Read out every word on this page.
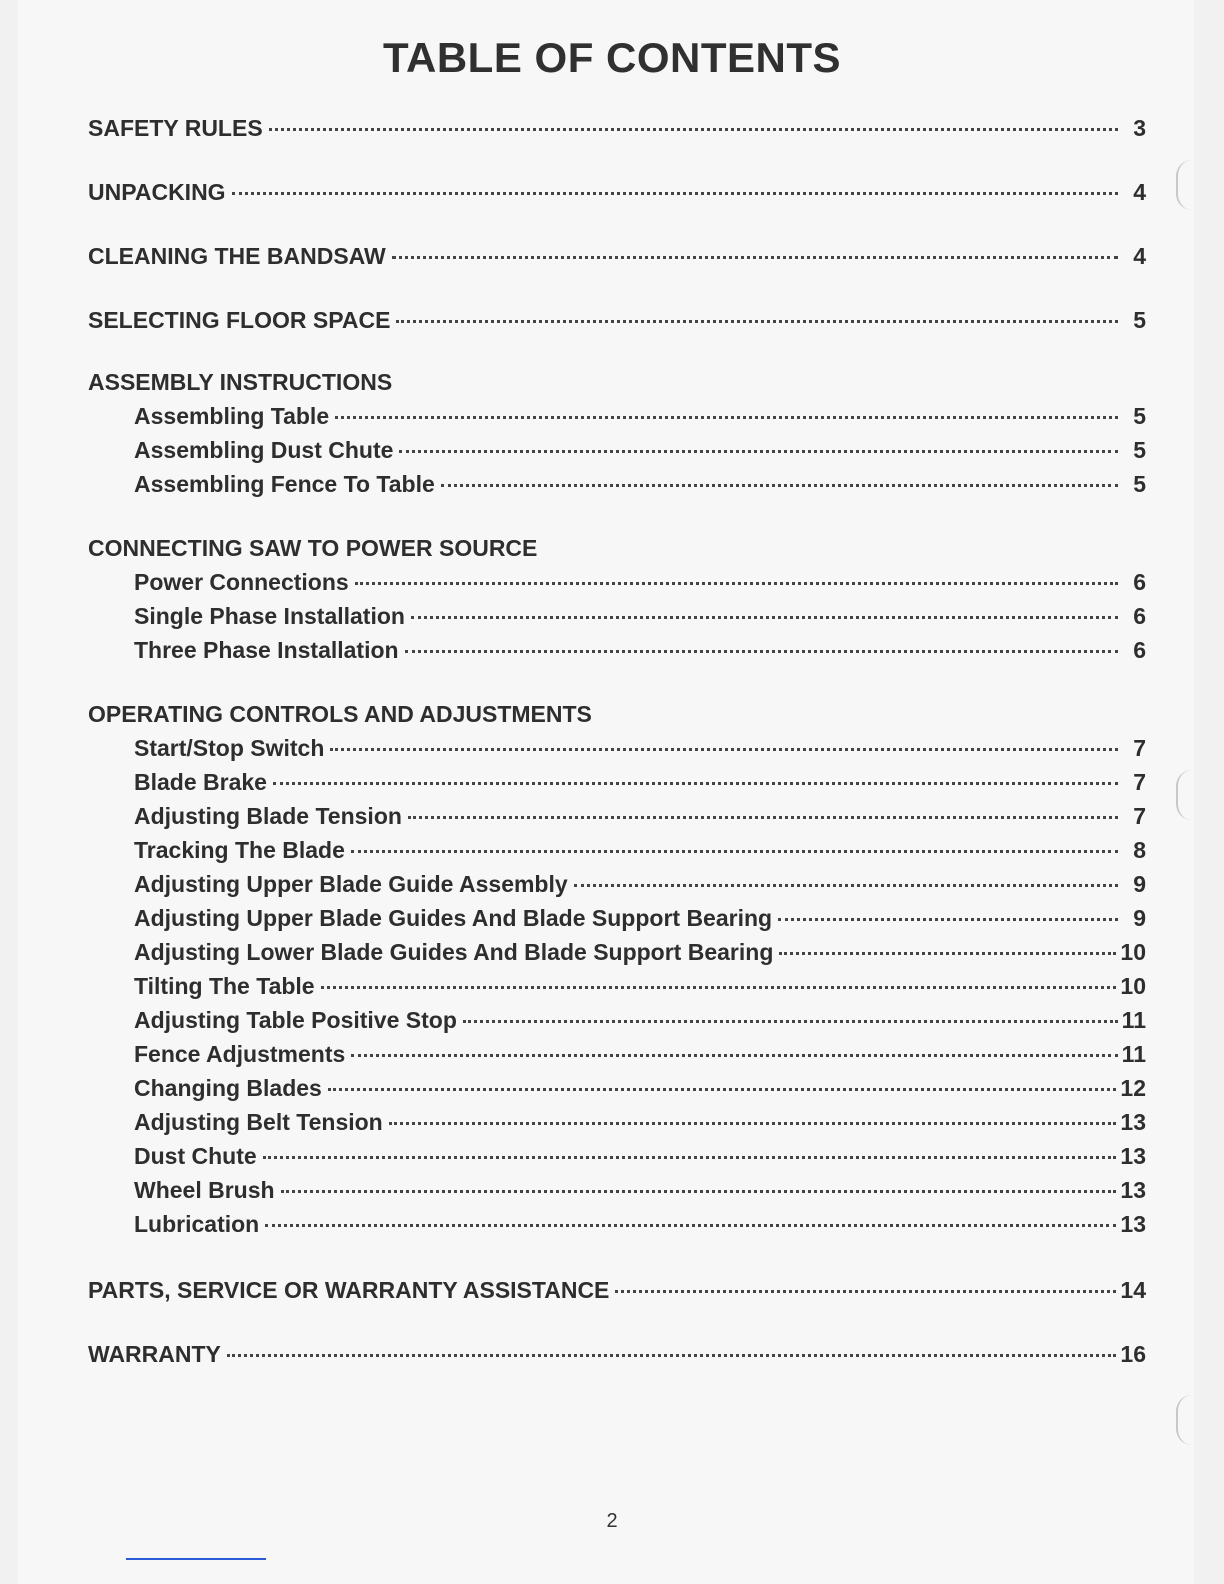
TABLE OF CONTENTS
SAFETY RULES	3
UNPACKING	4
CLEANING THE BANDSAW	4
SELECTING FLOOR SPACE	5
ASSEMBLY INSTRUCTIONS
Assembling Table	5
Assembling Dust Chute	5
Assembling Fence To Table	5
CONNECTING SAW TO POWER SOURCE
Power Connections	6
Single Phase Installation	6
Three Phase Installation	6
OPERATING CONTROLS AND ADJUSTMENTS
Start/Stop Switch	7
Blade Brake	7
Adjusting Blade Tension	7
Tracking The Blade	8
Adjusting Upper Blade Guide Assembly	9
Adjusting Upper Blade Guides And Blade Support Bearing	9
Adjusting Lower Blade Guides And Blade Support Bearing	10
Tilting The Table	10
Adjusting Table Positive Stop	11
Fence Adjustments	11
Changing Blades	12
Adjusting Belt Tension	13
Dust Chute	13
Wheel Brush	13
Lubrication	13
PARTS, SERVICE OR WARRANTY ASSISTANCE	14
WARRANTY	16
2
